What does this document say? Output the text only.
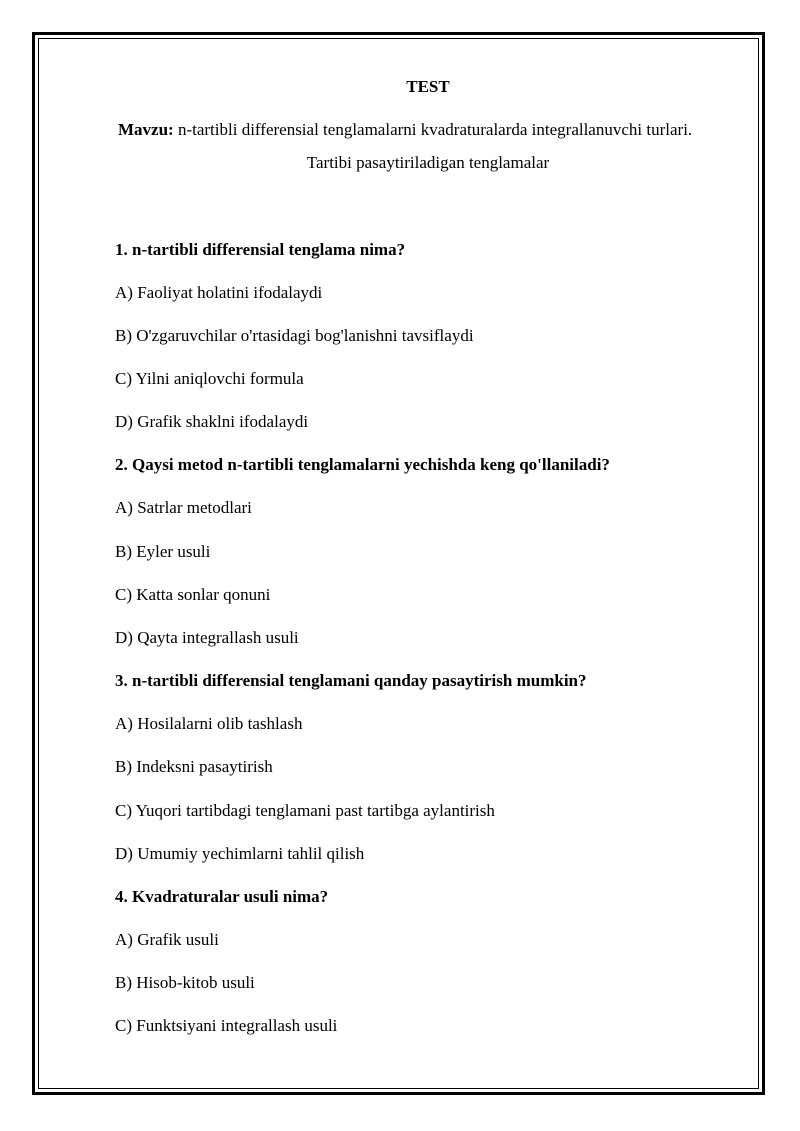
TEST
Mavzu: n-tartibli differensial tenglamalarni kvadraturalarda integrallanuvchi turlari.
Tartibi pasaytiriladigan tenglamalar
1. n-tartibli differensial tenglama nima?
A) Faoliyat holatini ifodalaydi
B) O'zgaruvchilar o'rtasidagi bog'lanishni tavsiflaydi
C) Yilni aniqlovchi formula
D) Grafik shaklni ifodalaydi
2. Qaysi metod n-tartibli tenglamalarni yechishda keng qo'llaniladi?
A) Satrlar metodlari
B) Eyler usuli
C) Katta sonlar qonuni
D) Qayta integrallash usuli
3. n-tartibli differensial tenglamani qanday pasaytirish mumkin?
A) Hosilalarni olib tashlash
B) Indeksni pasaytirish
C) Yuqori tartibdagi tenglamani past tartibga aylantirish
D) Umumiy yechimlarni tahlil qilish
4. Kvadraturalar usuli nima?
A) Grafik usuli
B) Hisob-kitob usuli
C) Funktsiyani integrallash usuli
